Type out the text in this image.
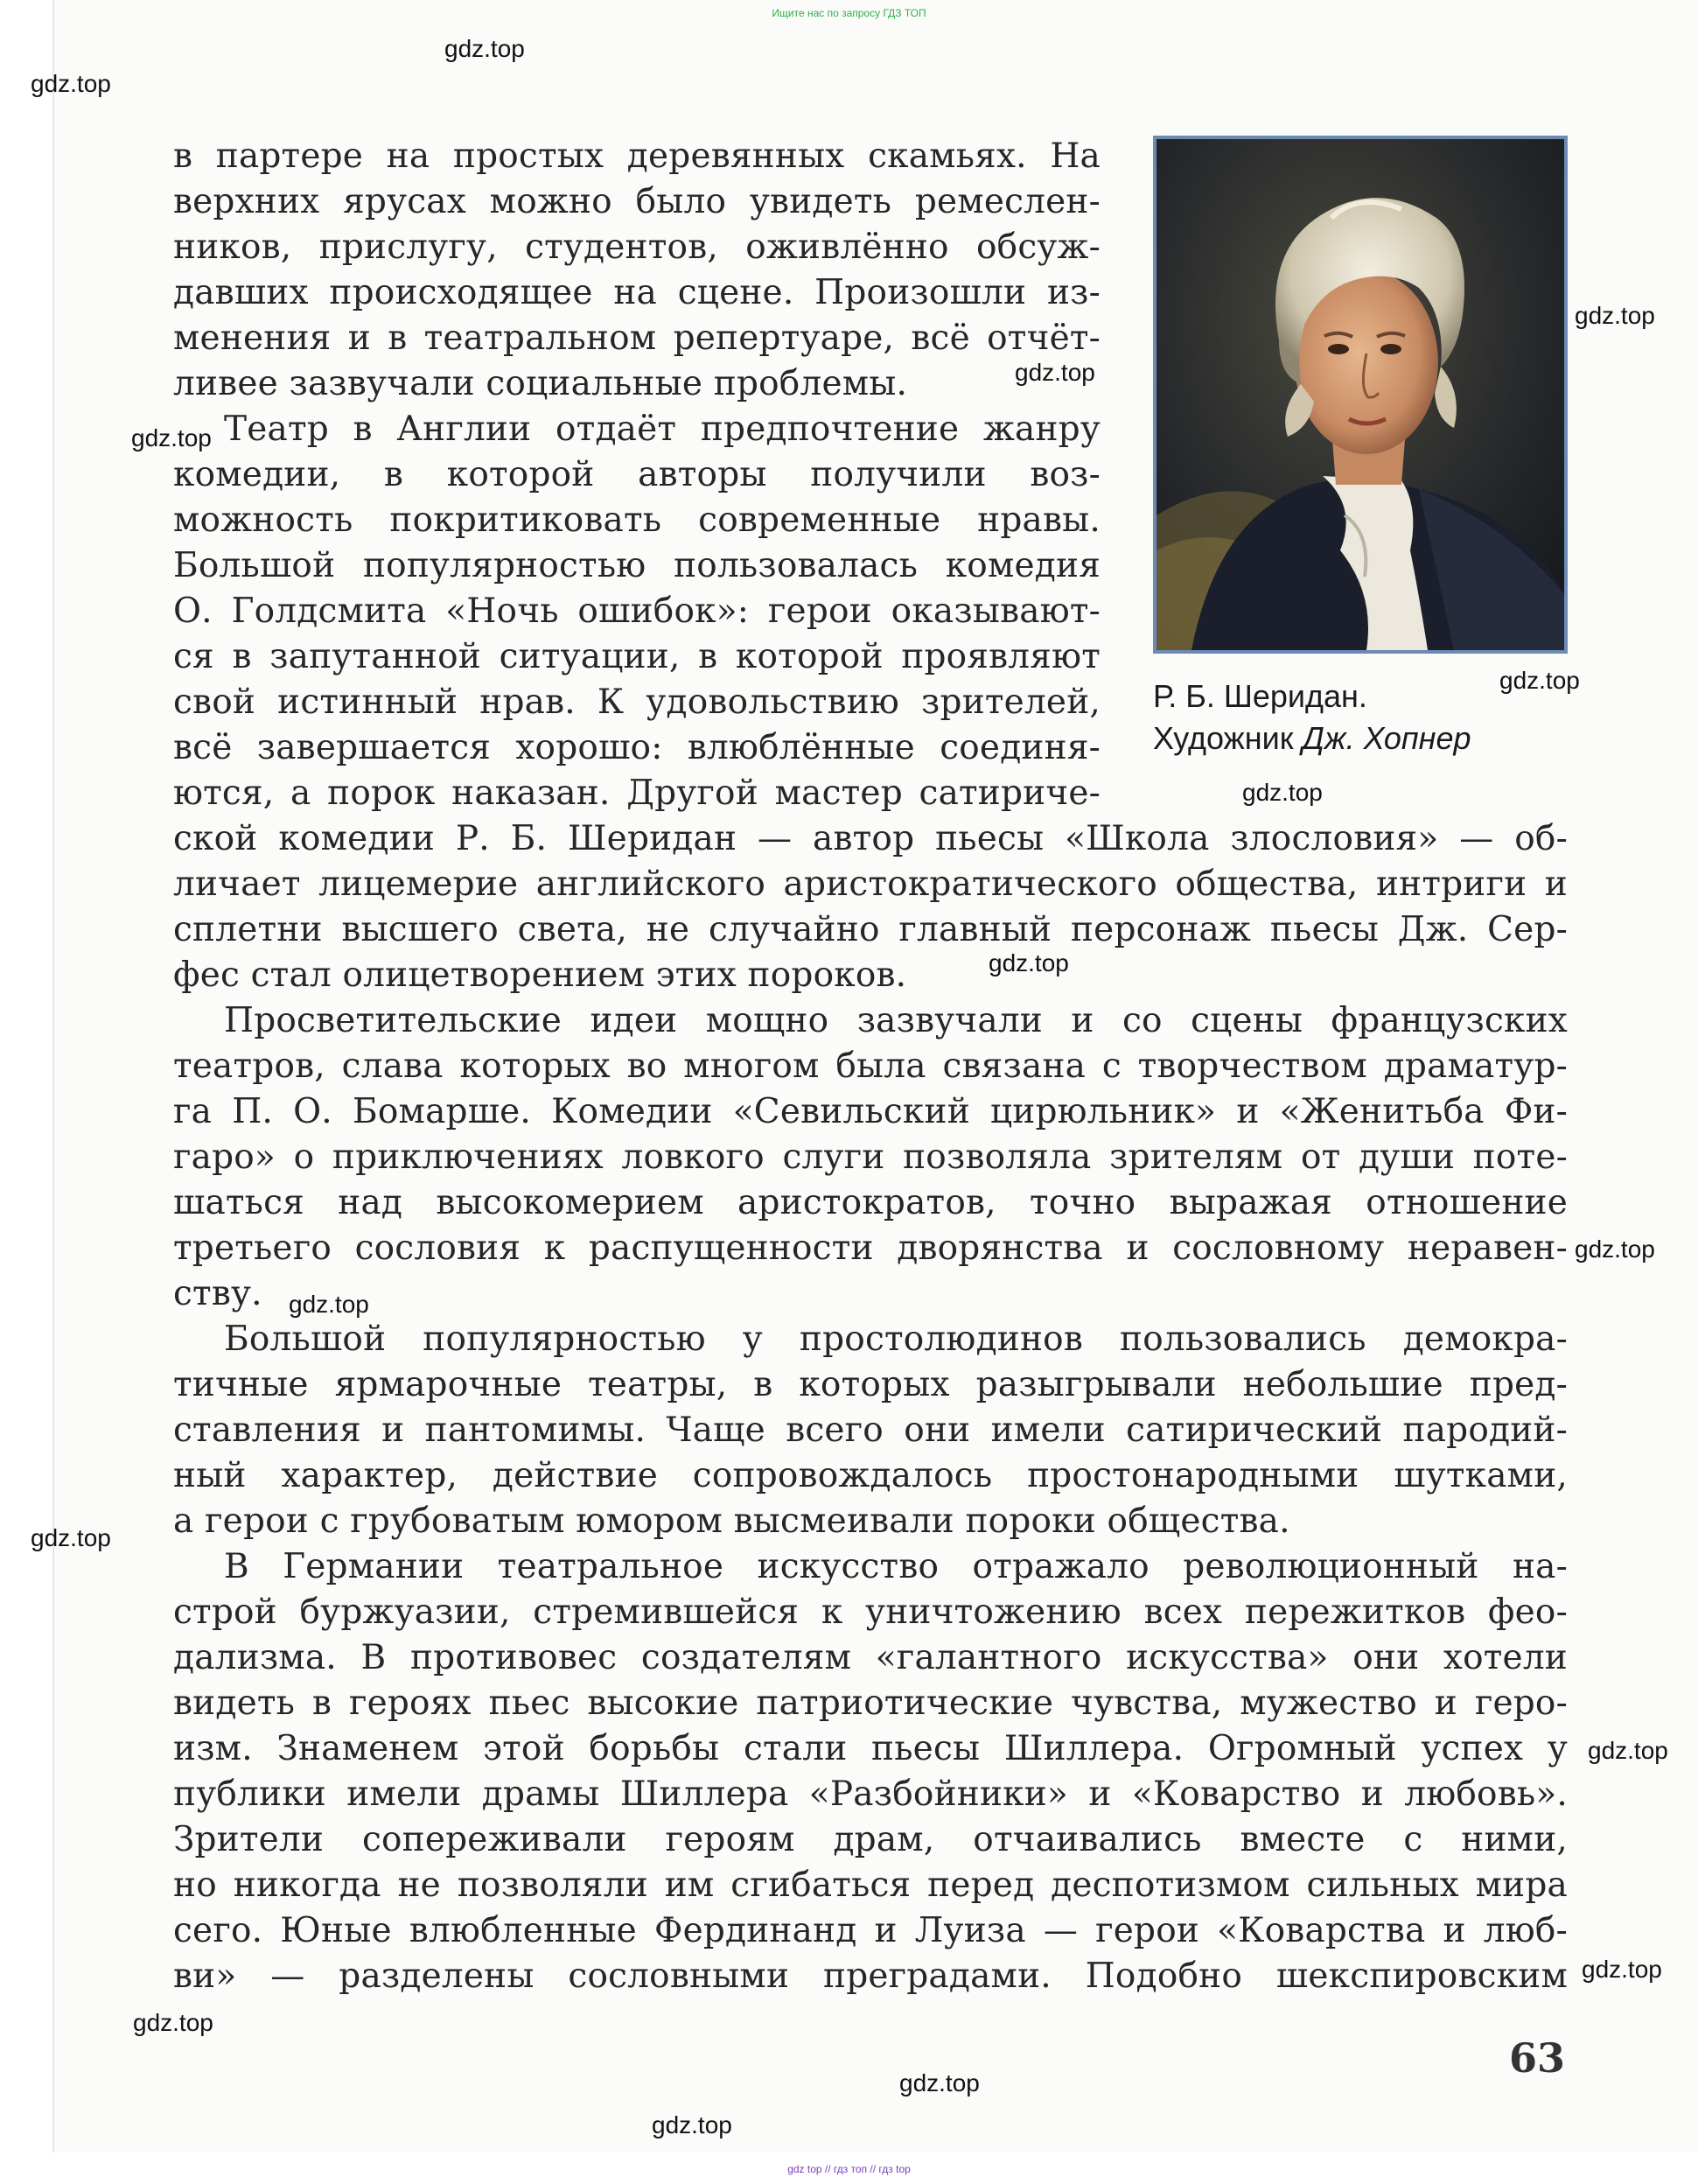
Ищите нас по запросу ГДЗ ТОП
в партере на простых деревянных скамьях. На
верхних ярусах можно было увидеть ремеслен-
ников, прислугу, студентов, оживлённо обсуж-
давших происходящее на сцене. Произошли из-
менения и в театральном репертуаре, всё отчёт-
ливее зазвучали социальные проблемы.
Театр в Англии отдаёт предпочтение жанру
комедии, в которой авторы получили воз-
можность покритиковать современные нравы.
Большой популярностью пользовалась комедия
О. Голдсмита «Ночь ошибок»: герои оказывают-
ся в запутанной ситуации, в которой проявляют
свой истинный нрав. К удовольствию зрителей,
всё завершается хорошо: влюблённые соединя-
ются, а порок наказан. Другой мастер сатириче-
ской комедии Р. Б. Шеридан — автор пьесы «Школа злословия» — об-
личает лицемерие английского аристократического общества, интриги и
сплетни высшего света, не случайно главный персонаж пьесы Дж. Сер-
фес стал олицетворением этих пороков.
Просветительские идеи мощно зазвучали и со сцены французских
театров, слава которых во многом была связана с творчеством драматур-
га П. О. Бомарше. Комедии «Севильский цирюльник» и «Женитьба Фи-
гаро» о приключениях ловкого слуги позволяла зрителям от души поте-
шаться над высокомерием аристократов, точно выражая отношение
третьего сословия к распущенности дворянства и сословному нерaвен-
ству.
Большой популярностью у простолюдинов пользовались демокра-
тичные ярмарочные театры, в которых разыгрывали небольшие пред-
ставления и пантомимы. Чаще всего они имели сатирический пародий-
ный характер, действие сопровождалось простонародными шутками,
а герои с грубоватым юмором высмеивали пороки общества.
В Германии театральное искусство отражало революционный на-
строй буржуазии, стремившейся к уничтожению всех пережитков фео-
дализма. В противовес создателям «галантного искусства» они хотели
видеть в героях пьес высокие патриотические чувства, мужество и геро-
изм. Знаменем этой борьбы стали пьесы Шиллера. Огромный успех у
публики имели драмы Шиллера «Разбойники» и «Коварство и любовь».
Зрители сопереживали героям драм, отчаивались вместе с ними,
но никогда не позволяли им сгибаться перед деспотизмом сильных мира
сего. Юные влюбленные Фердинанд и Луиза — герои «Коварства и люб-
ви» — разделены сословными преградами. Подобно шекспировским
Р. Б. Шеридан.
Художник Дж. Хопнер
gdz.top
gdz.top
gdz.top
gdz.top
gdz.top
gdz.top
gdz.top
gdz.top
gdz.top
gdz.top
gdz.top
gdz.top
gdz.top
gdz.top
gdz.top
gdz.top
63
gdz top // гдз топ // гдз top
